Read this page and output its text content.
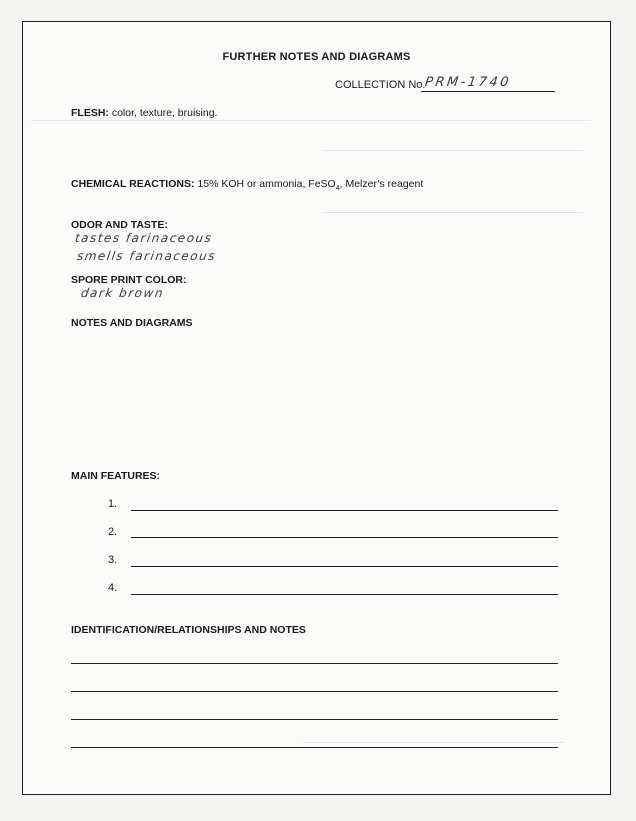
FURTHER NOTES AND DIAGRAMS
COLLECTION No.
PRM-1740
FLESH: color, texture, bruising.
CHEMICAL REACTIONS: 15% KOH or ammonia, FeSO$_4$, Melzer’s reagent
ODOR AND TASTE:
tastes farinaceous
smells farinaceous
SPORE PRINT COLOR:
dark brown
NOTES AND DIAGRAMS
MAIN FEATURES:
1.
2.
3.
4.
IDENTIFICATION/RELATIONSHIPS AND NOTES
